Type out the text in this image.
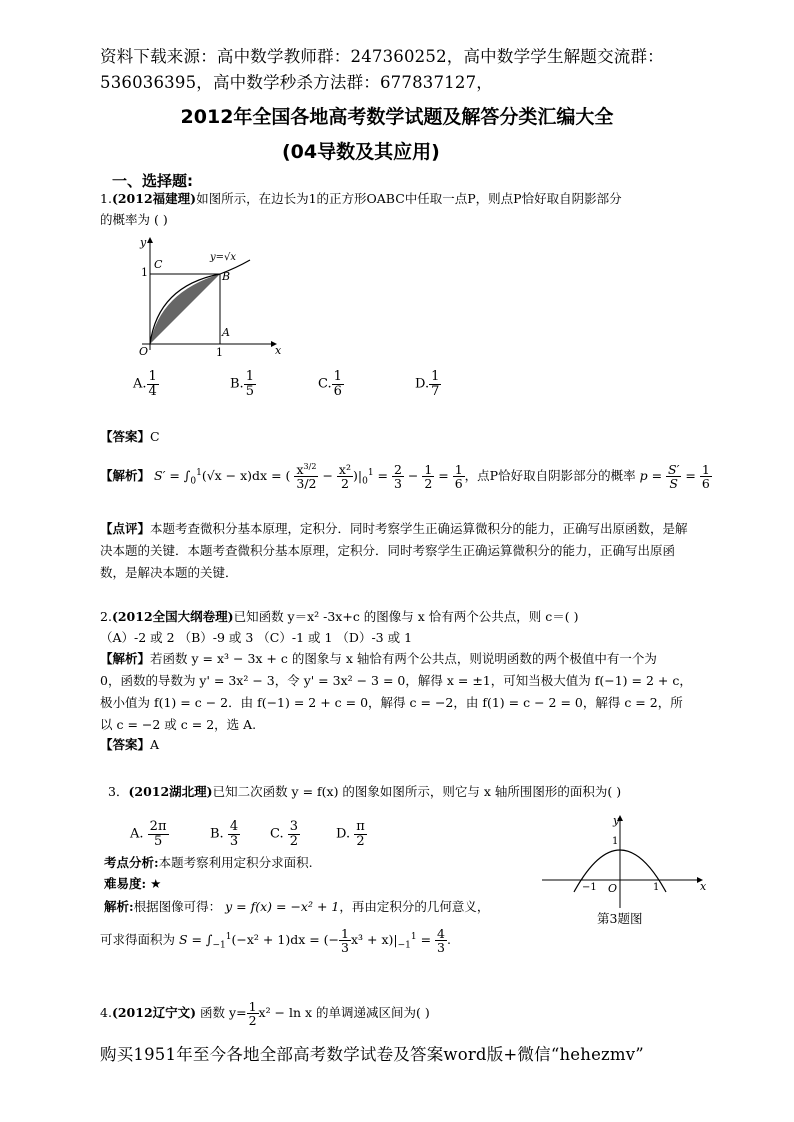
资料下载来源：高中数学教师群：247360252，高中数学学生解题交流群：
536036395，高中数学秒杀方法群：677837127，
2012年全国各地高考数学试题及解答分类汇编大全
(04导数及其应用)
一、选择题:
1.(2012福建理)如图所示，在边长为1的正方形OABC中任取一点P，则点P恰好取自阴影部分
的概率为 ( )
y
x
O	1
1
A
B
C
y=√x
A. $\frac{1}{4}$	B. $\frac{1}{5}$	C. $\frac{1}{6}$	D. $\frac{1}{7}$
【答案】C
【解析】 $S' = \int_0^1(√x - x)dx$ = ( $\frac{x^{3/2}}{3/2} - \frac{\text{x²}}{2} )|_0^1 = \frac{2}{3} - \frac{1}{2} = \frac{1}{6}$ ，点P恰好取自阴影部分的概率 $p = \frac{S'}{S} = \frac{1}{6}$
【点评】本题考查微积分基本原理，定积分．同时考察学生正确运算微积分的能力，正确写出原函数，是解决本题的关键．本题考查微积分基本原理，定积分．同时考察学生正确运算微积分的能力，正确写出原函数，是解决本题的关键．
2.(2012全国大纲卷理)已知函数 y＝x² -3x+c 的图像与 x 恰有两个公共点，则 c＝( )
（A）-2 或 2 （B）-9 或 3 （C）-1 或 1 （D）-3 或 1
【解析】若函数 y = x³ − 3x + c 的图象与 x 轴恰有两个公共点，则说明函数的两个极值中有一个为
0，函数的导数为 y' = 3x² − 3，令 y' = 3x² − 3 = 0，解得 x = ±1，可知当极大值为 f(−1) = 2 + c，
极小值为 f(1) = c − 2．由 f(−1) = 2 + c = 0，解得 c = −2，由 f(1) = c − 2 = 0，解得 c = 2，所
以 c = −2 或 c = 2，选 A.
【答案】A
3．(2012湖北理)已知二次函数 y = f(x) 的图象如图所示，则它与 x 轴所围图形的面积为( )
A. $\frac{2\pi}{5}$	B. $\frac{4}{3} C$. $\frac{3}{2}$	D. $\frac{\pi}{2}$
考点分析:本题考察利用定积分求面积.
难易度: ★
解析:根据图像可得： y = f(x) = −x² + 1，再由定积分的几何意义，
可求得面积为 $S = \int_{-1}^1(-x^2 + 1)dx$ = (− $\frac{1}{3} x^3 + x)|_{-1}^1 = \frac{4}{3}$ .
y
x
O	1
−1
1
第3题图
4.(2012辽宁文) 函数 $y= \frac{1}{2} x^2 - \ln x$ 的单调递减区间为( )
购买1951年至今各地全部高考数学试卷及答案word版+微信“hehezmv”
